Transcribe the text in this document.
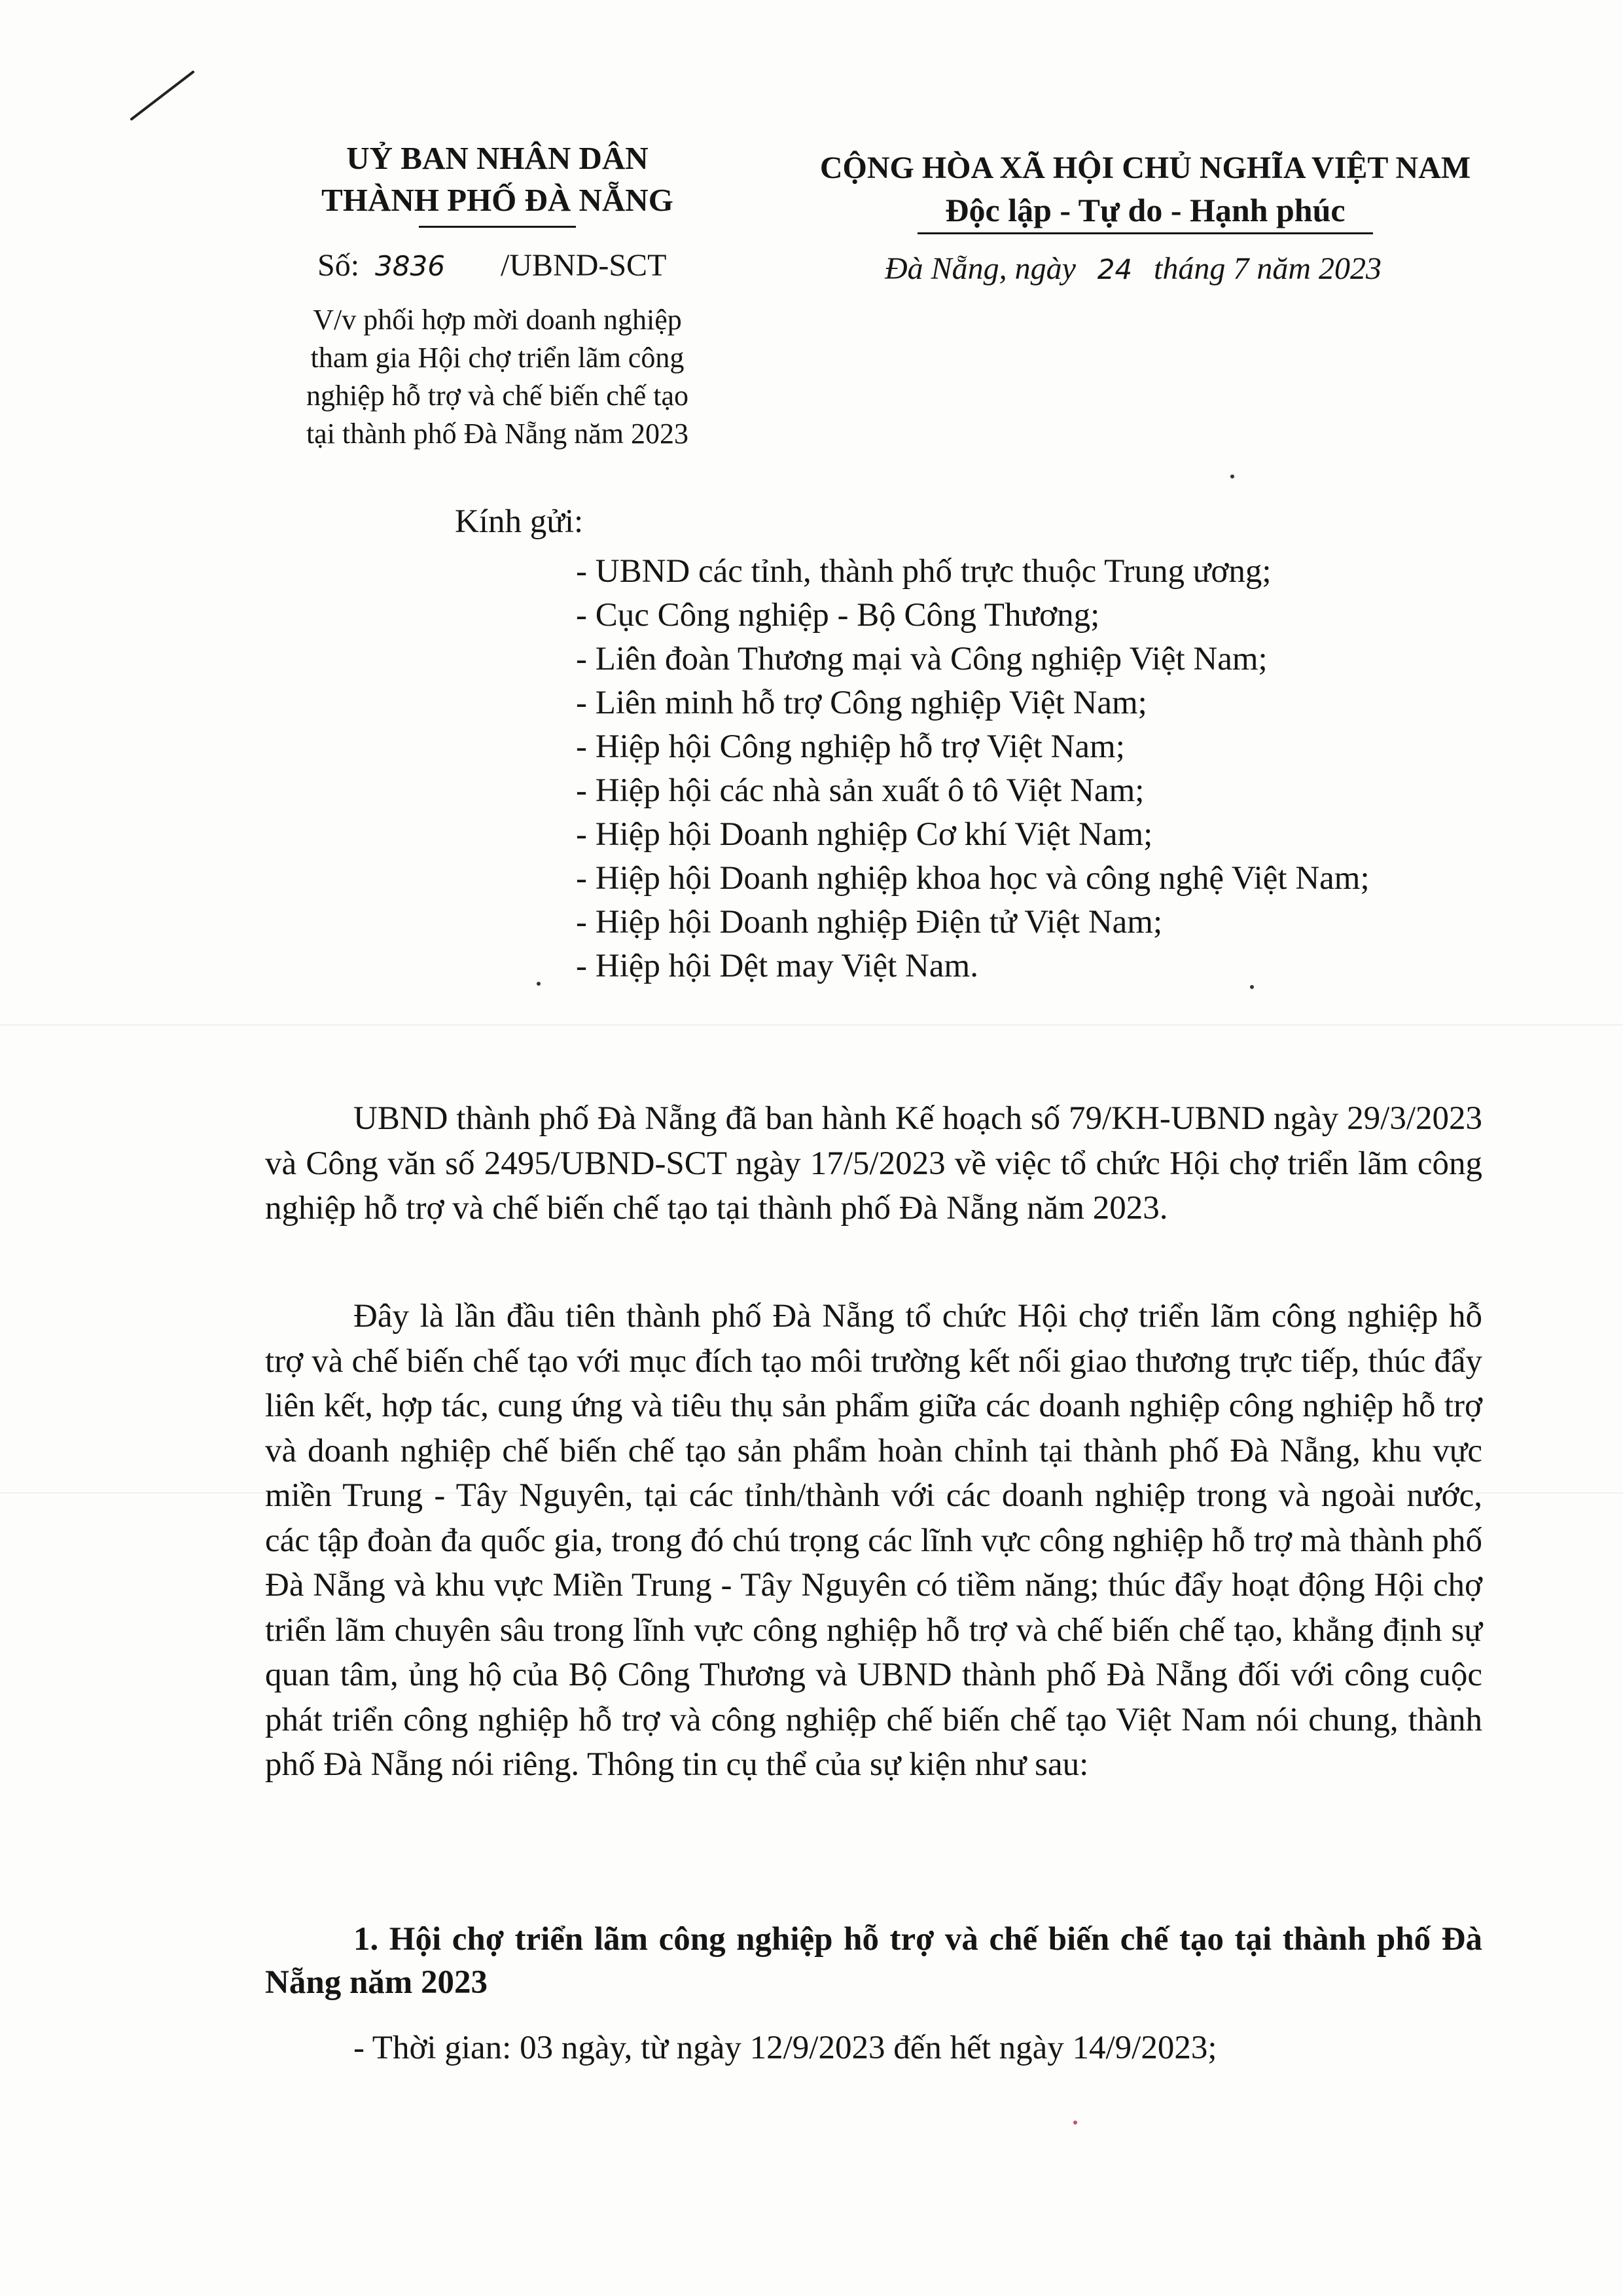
UỶ BAN NHÂN DÂN
THÀNH PHỐ ĐÀ NẴNG
Số: 3836 /UBND-SCT
V/v phối hợp mời doanh nghiệp
tham gia Hội chợ triển lãm công
nghiệp hỗ trợ và chế biến chế tạo
tại thành phố Đà Nẵng năm 2023
CỘNG HÒA XÃ HỘI CHỦ NGHĨA VIỆT NAM
Độc lập - Tự do - Hạnh phúc
Đà Nẵng, ngày 24 tháng 7 năm 2023
Kính gửi:
- UBND các tỉnh, thành phố trực thuộc Trung ương;
- Cục Công nghiệp - Bộ Công Thương;
- Liên đoàn Thương mại và Công nghiệp Việt Nam;
- Liên minh hỗ trợ Công nghiệp Việt Nam;
- Hiệp hội Công nghiệp hỗ trợ Việt Nam;
- Hiệp hội các nhà sản xuất ô tô Việt Nam;
- Hiệp hội Doanh nghiệp Cơ khí Việt Nam;
- Hiệp hội Doanh nghiệp khoa học và công nghệ Việt Nam;
- Hiệp hội Doanh nghiệp Điện tử Việt Nam;
- Hiệp hội Dệt may Việt Nam.
UBND thành phố Đà Nẵng đã ban hành Kế hoạch số 79/KH-UBND ngày 29/3/2023 và Công văn số 2495/UBND-SCT ngày 17/5/2023 về việc tổ chức Hội chợ triển lãm công nghiệp hỗ trợ và chế biến chế tạo tại thành phố Đà Nẵng năm 2023.
Đây là lần đầu tiên thành phố Đà Nẵng tổ chức Hội chợ triển lãm công nghiệp hỗ trợ và chế biến chế tạo với mục đích tạo môi trường kết nối giao thương trực tiếp, thúc đẩy liên kết, hợp tác, cung ứng và tiêu thụ sản phẩm giữa các doanh nghiệp công nghiệp hỗ trợ và doanh nghiệp chế biến chế tạo sản phẩm hoàn chỉnh tại thành phố Đà Nẵng, khu vực miền Trung - Tây Nguyên, tại các tỉnh/thành với các doanh nghiệp trong và ngoài nước, các tập đoàn đa quốc gia, trong đó chú trọng các lĩnh vực công nghiệp hỗ trợ mà thành phố Đà Nẵng và khu vực Miền Trung - Tây Nguyên có tiềm năng; thúc đẩy hoạt động Hội chợ triển lãm chuyên sâu trong lĩnh vực công nghiệp hỗ trợ và chế biến chế tạo, khẳng định sự quan tâm, ủng hộ của Bộ Công Thương và UBND thành phố Đà Nẵng đối với công cuộc phát triển công nghiệp hỗ trợ và công nghiệp chế biến chế tạo Việt Nam nói chung, thành phố Đà Nẵng nói riêng. Thông tin cụ thể của sự kiện như sau:
1. Hội chợ triển lãm công nghiệp hỗ trợ và chế biến chế tạo tại thành phố Đà Nẵng năm 2023
- Thời gian: 03 ngày, từ ngày 12/9/2023 đến hết ngày 14/9/2023;
